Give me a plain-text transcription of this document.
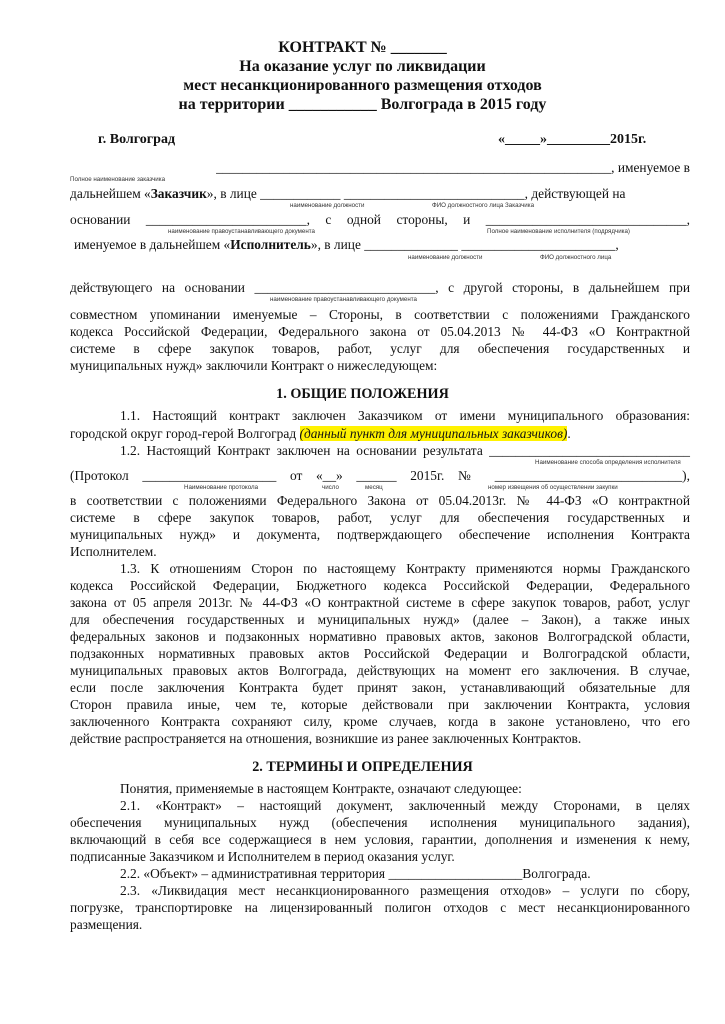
КОНТРАКТ № _______
На оказание услуг по ликвидации
мест несанкционированного размещения отходов
на территории ___________ Волгограда в 2015 году
г. Волгоград	«_____»_________2015г.
___________________________________________________________, именуемое в
Полное наименование заказчика
дальнейшем «Заказчик», в лице ____________ ___________________________, действующей на
наименование должности	ФИО должностного лица Заказчика
основании ________________________, с одной стороны, и ______________________________,
наименование правоустанавливающего документа	Полное наименование исполнителя (подрядчика)
именуемое в дальнейшем «Исполнитель», в лице ______________ _______________________,
наименование должности	ФИО должностного лица
действующего на основании ___________________________, с другой стороны, в дальнейшем при
наименование правоустанавливающего документа
совместном упоминании именуемые – Стороны, в соответствии с положениями Гражданского
кодекса Российской Федерации, Федерального закона от 05.04.2013 № 44-ФЗ «О Контрактной
системе в сфере закупок товаров, работ, услуг для обеспечения государственных и
муниципальных нужд» заключили Контракт о нижеследующем:
1. ОБЩИЕ ПОЛОЖЕНИЯ
1.1. Настоящий контракт заключен Заказчиком от имени муниципального образования:
городской округ город-герой Волгоград (данный пункт для муниципальных заказчиков).
1.2. Настоящий Контракт заключен на основании результата ______________________________
Наименование способа определения исполнителя
(Протокол ____________________ от «__» ______ 2015г. № ____________________________),
Наименование протокола	число	месяц	номер извещения об осуществлении закупки
в соответствии с положениями Федерального Закона от 05.04.2013г. № 44-ФЗ «О контрактной
системе в сфере закупок товаров, работ, услуг для обеспечения государственных и
муниципальных нужд» и документа, подтверждающего обеспечение исполнения Контракта
Исполнителем.
1.3. К отношениям Сторон по настоящему Контракту применяются нормы Гражданского
кодекса Российской Федерации, Бюджетного кодекса Российской Федерации, Федерального
закона от 05 апреля 2013г. № 44-ФЗ «О контрактной системе в сфере закупок товаров, работ, услуг
для обеспечения государственных и муниципальных нужд» (далее – Закон), а также иных
федеральных законов и подзаконных нормативно правовых актов, законов Волгоградской области,
подзаконных нормативных правовых актов Российской Федерации и Волгоградской области,
муниципальных правовых актов Волгограда, действующих на момент его заключения. В случае,
если после заключения Контракта будет принят закон, устанавливающий обязательные для
Сторон правила иные, чем те, которые действовали при заключении Контракта, условия
заключенного Контракта сохраняют силу, кроме случаев, когда в законе установлено, что его
действие распространяется на отношения, возникшие из ранее заключенных Контрактов.
2. ТЕРМИНЫ И ОПРЕДЕЛЕНИЯ
Понятия, применяемые в настоящем Контракте, означают следующее:
2.1. «Контракт» – настоящий документ, заключенный между Сторонами, в целях
обеспечения муниципальных нужд (обеспечения исполнения муниципального задания),
включающий в себя все содержащиеся в нем условия, гарантии, дополнения и изменения к нему,
подписанные Заказчиком и Исполнителем в период оказания услуг.
2.2. «Объект» – административная территория ____________________Волгограда.
2.3. «Ликвидация мест несанкционированного размещения отходов» – услуги по сбору,
погрузке, транспортировке на лицензированный полигон отходов с мест несанкционированного
размещения.
